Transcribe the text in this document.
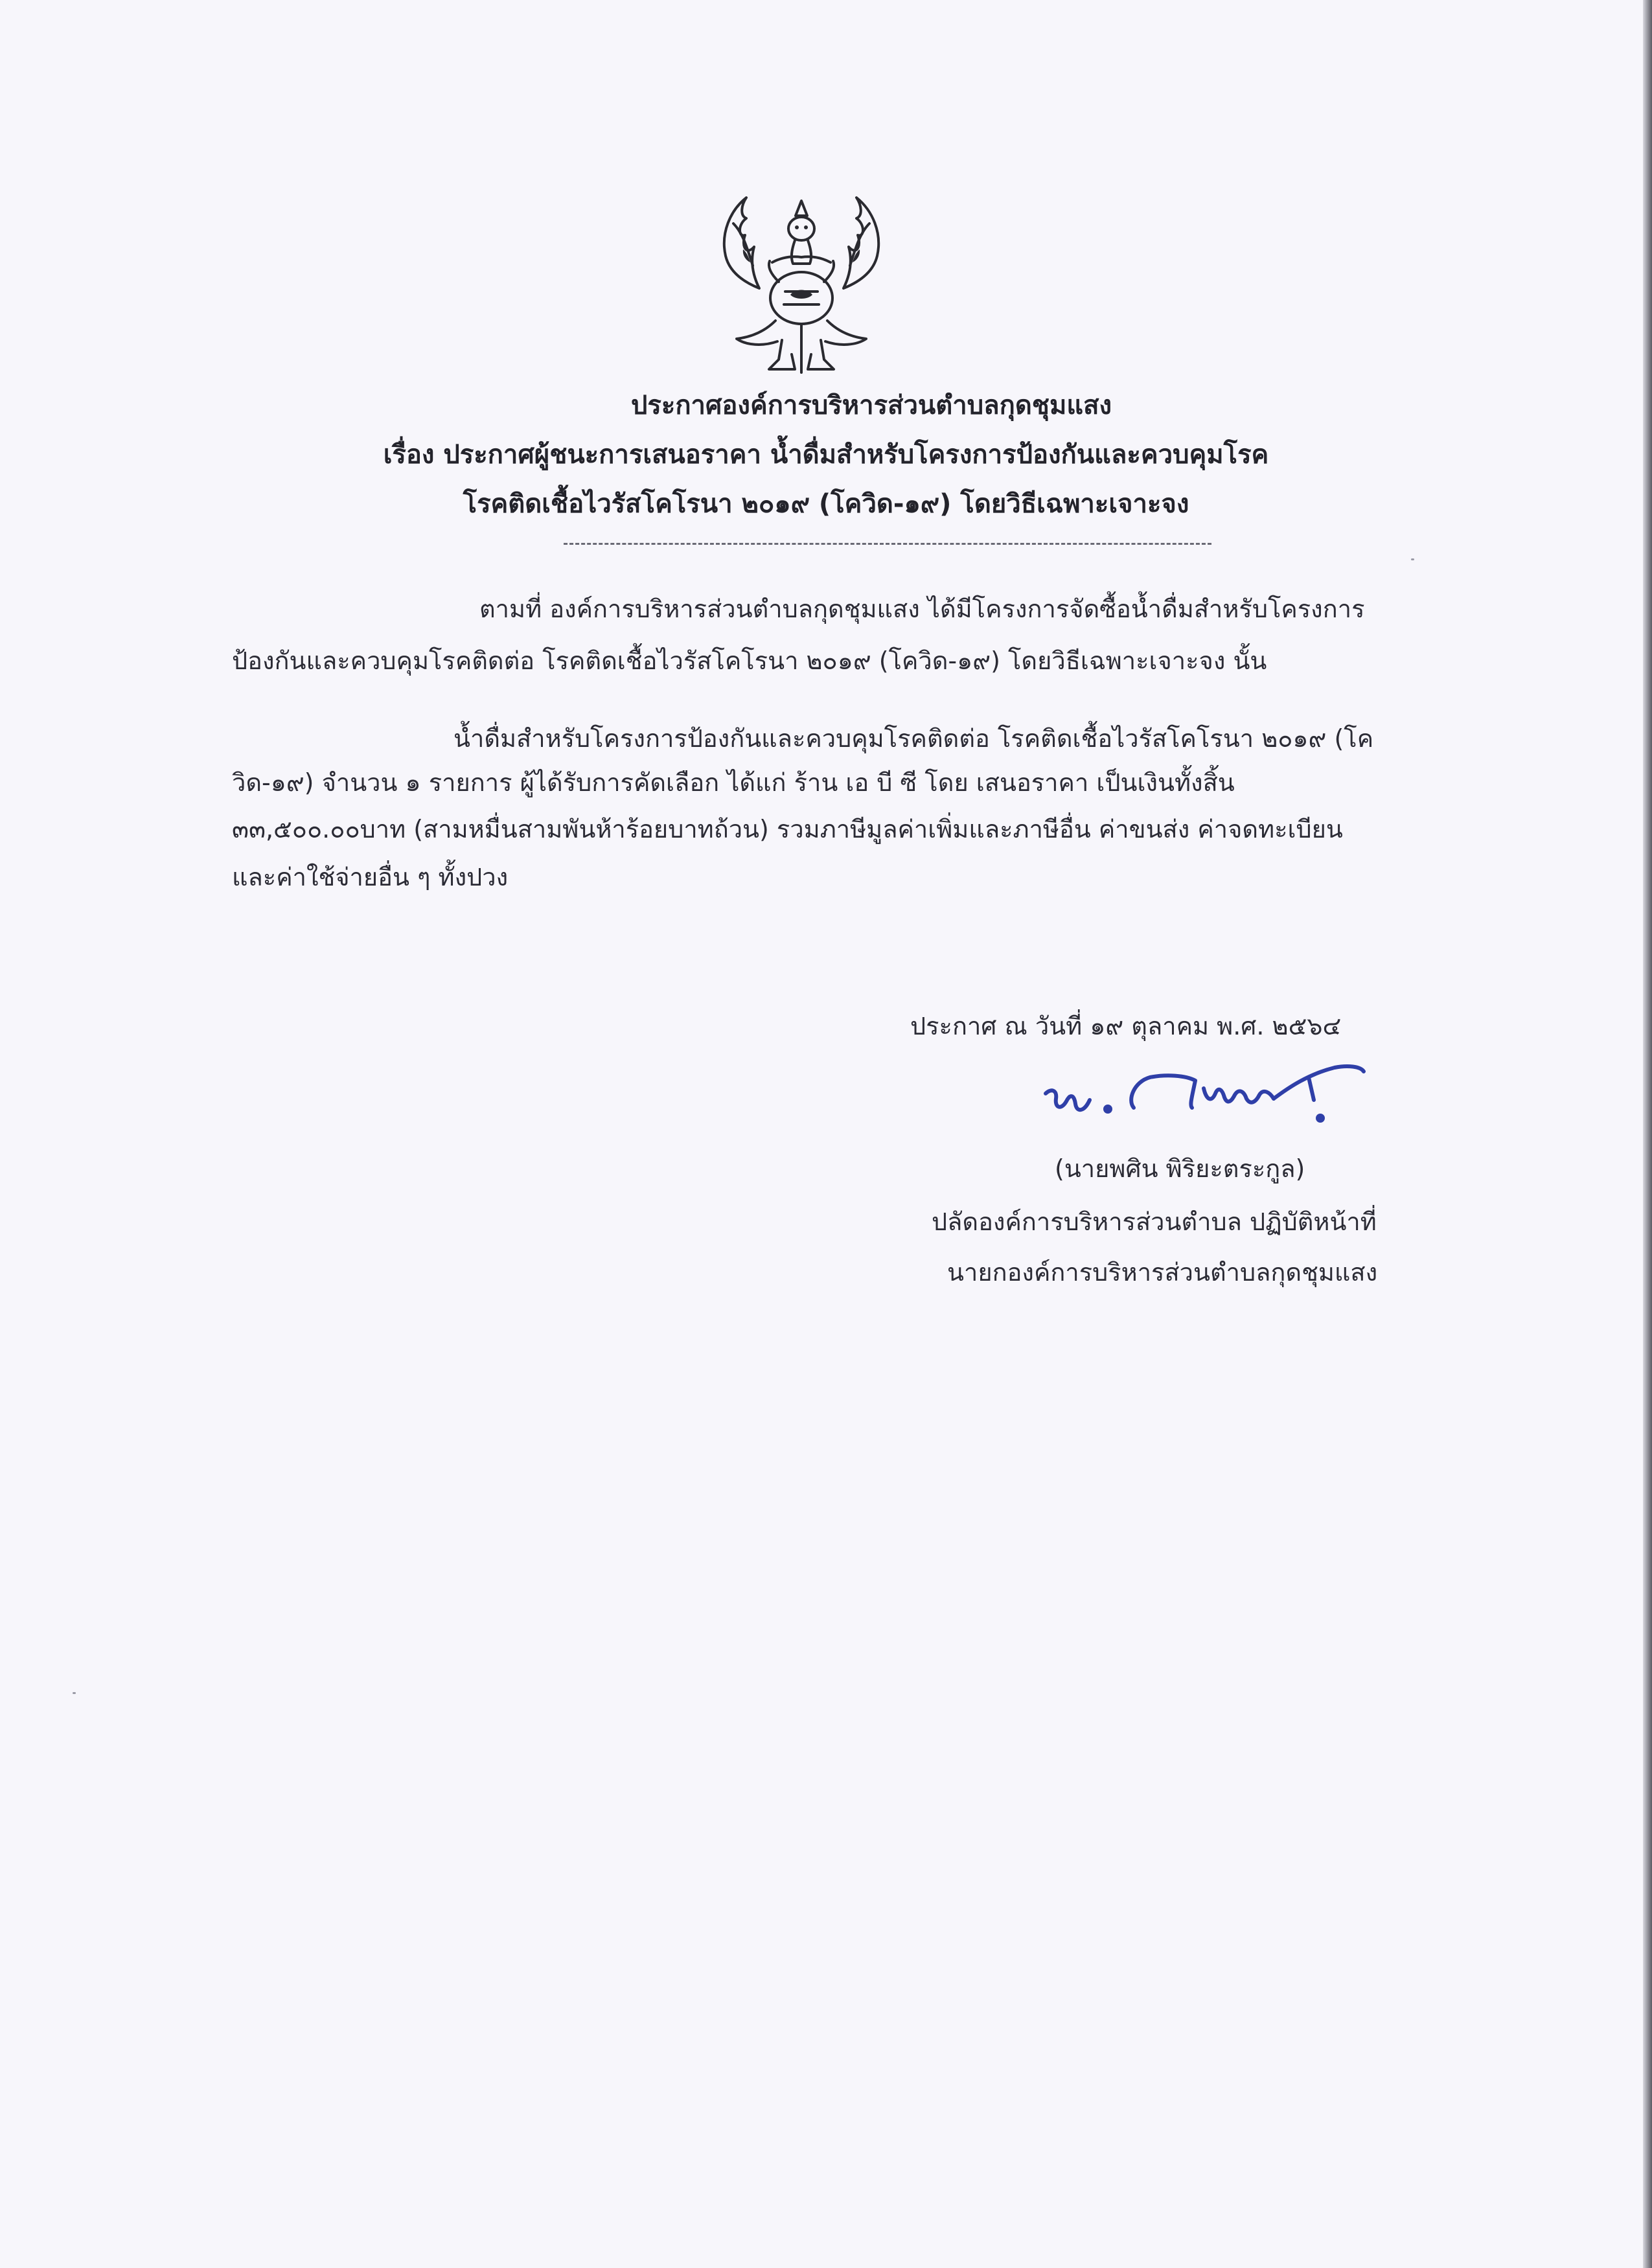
ประกาศองค์การบริหารส่วนตำบลกุดชุมแสง
เรื่อง ประกาศผู้ชนะการเสนอราคา น้ำดื่มสำหรับโครงการป้องกันและควบคุมโรค
โรคติดเชื้อไวรัสโคโรนา ๒๐๑๙ (โควิด-๑๙) โดยวิธีเฉพาะเจาะจง
ตามที่ องค์การบริหารส่วนตำบลกุดชุมแสง ได้มีโครงการจัดซื้อน้ำดื่มสำหรับโครงการ
ป้องกันและควบคุมโรคติดต่อ โรคติดเชื้อไวรัสโคโรนา ๒๐๑๙ (โควิด-๑๙) โดยวิธีเฉพาะเจาะจง นั้น
น้ำดื่มสำหรับโครงการป้องกันและควบคุมโรคติดต่อ โรคติดเชื้อไวรัสโคโรนา ๒๐๑๙ (โค
วิด-๑๙) จำนวน ๑ รายการ ผู้ได้รับการคัดเลือก ได้แก่ ร้าน เอ บี ซี โดย เสนอราคา เป็นเงินทั้งสิ้น
๓๓,๕๐๐.๐๐บาท (สามหมื่นสามพันห้าร้อยบาทถ้วน) รวมภาษีมูลค่าเพิ่มและภาษีอื่น ค่าขนส่ง ค่าจดทะเบียน
และค่าใช้จ่ายอื่น ๆ ทั้งปวง
ประกาศ ณ วันที่ ๑๙ ตุลาคม พ.ศ. ๒๕๖๔
(นายพศิน พิริยะตระกูล)
ปลัดองค์การบริหารส่วนตำบล ปฏิบัติหน้าที่
นายกองค์การบริหารส่วนตำบลกุดชุมแสง
